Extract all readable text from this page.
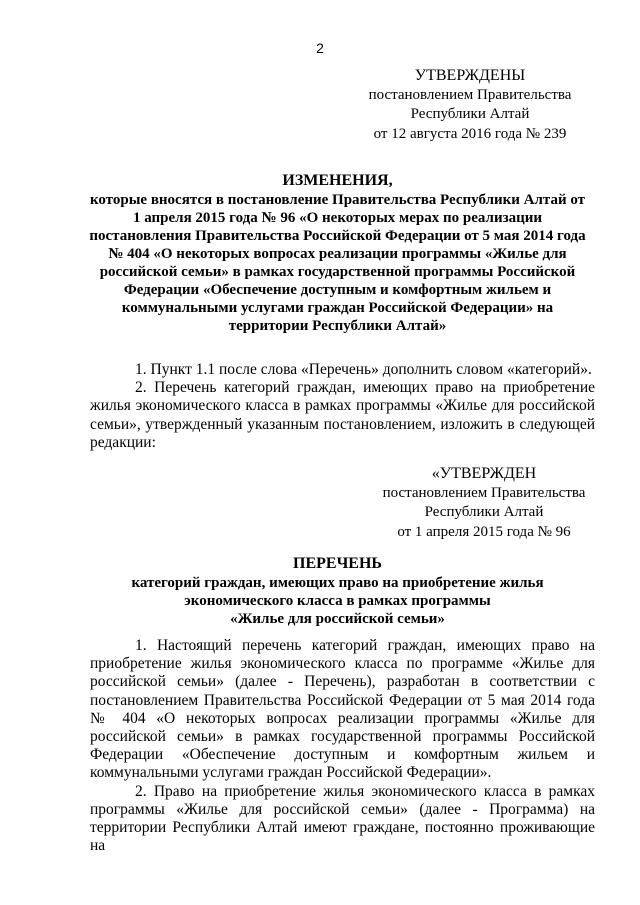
2
УТВЕРЖДЕНЫ
постановлением Правительства
Республики Алтай
от 12 августа 2016 года № 239
ИЗМЕНЕНИЯ,
которые вносятся в постановление Правительства Республики Алтай от
1 апреля 2015 года № 96 «О некоторых мерах по реализации
постановления Правительства Российской Федерации от 5 мая 2014 года
№ 404 «О некоторых вопросах реализации программы «Жилье для
российской семьи» в рамках государственной программы Российской
Федерации «Обеспечение доступным и комфортным жильем и
коммунальными услугами граждан Российской Федерации» на
территории Республики Алтай»

1. Пункт 1.1 после слова «Перечень» дополнить словом «категорий».

2. Перечень категорий граждан, имеющих право на приобретение жилья экономического класса в рамках программы «Жилье для российской семьи», утвержденный указанным постановлением, изложить в следующей редакции:

«УТВЕРЖДЕН
постановлением Правительства
Республики Алтай
от 1 апреля 2015 года № 96
ПЕРЕЧЕНЬ
категорий граждан, имеющих право на приобретение жилья
экономического класса в рамках программы
«Жилье для российской семьи»

1. Настоящий перечень категорий граждан, имеющих право на приобретение жилья экономического класса по программе «Жилье для российской семьи» (далее - Перечень), разработан в соответствии с постановлением Правительства Российской Федерации от 5 мая 2014 года № 404 «О некоторых вопросах реализации программы «Жилье для российской семьи» в рамках государственной программы Российской Федерации «Обеспечение доступным и комфортным жильем и коммунальными услугами граждан Российской Федерации».

2. Право на приобретение жилья экономического класса в рамках программы «Жилье для российской семьи» (далее - Программа) на территории Республики Алтай имеют граждане, постоянно проживающие на
